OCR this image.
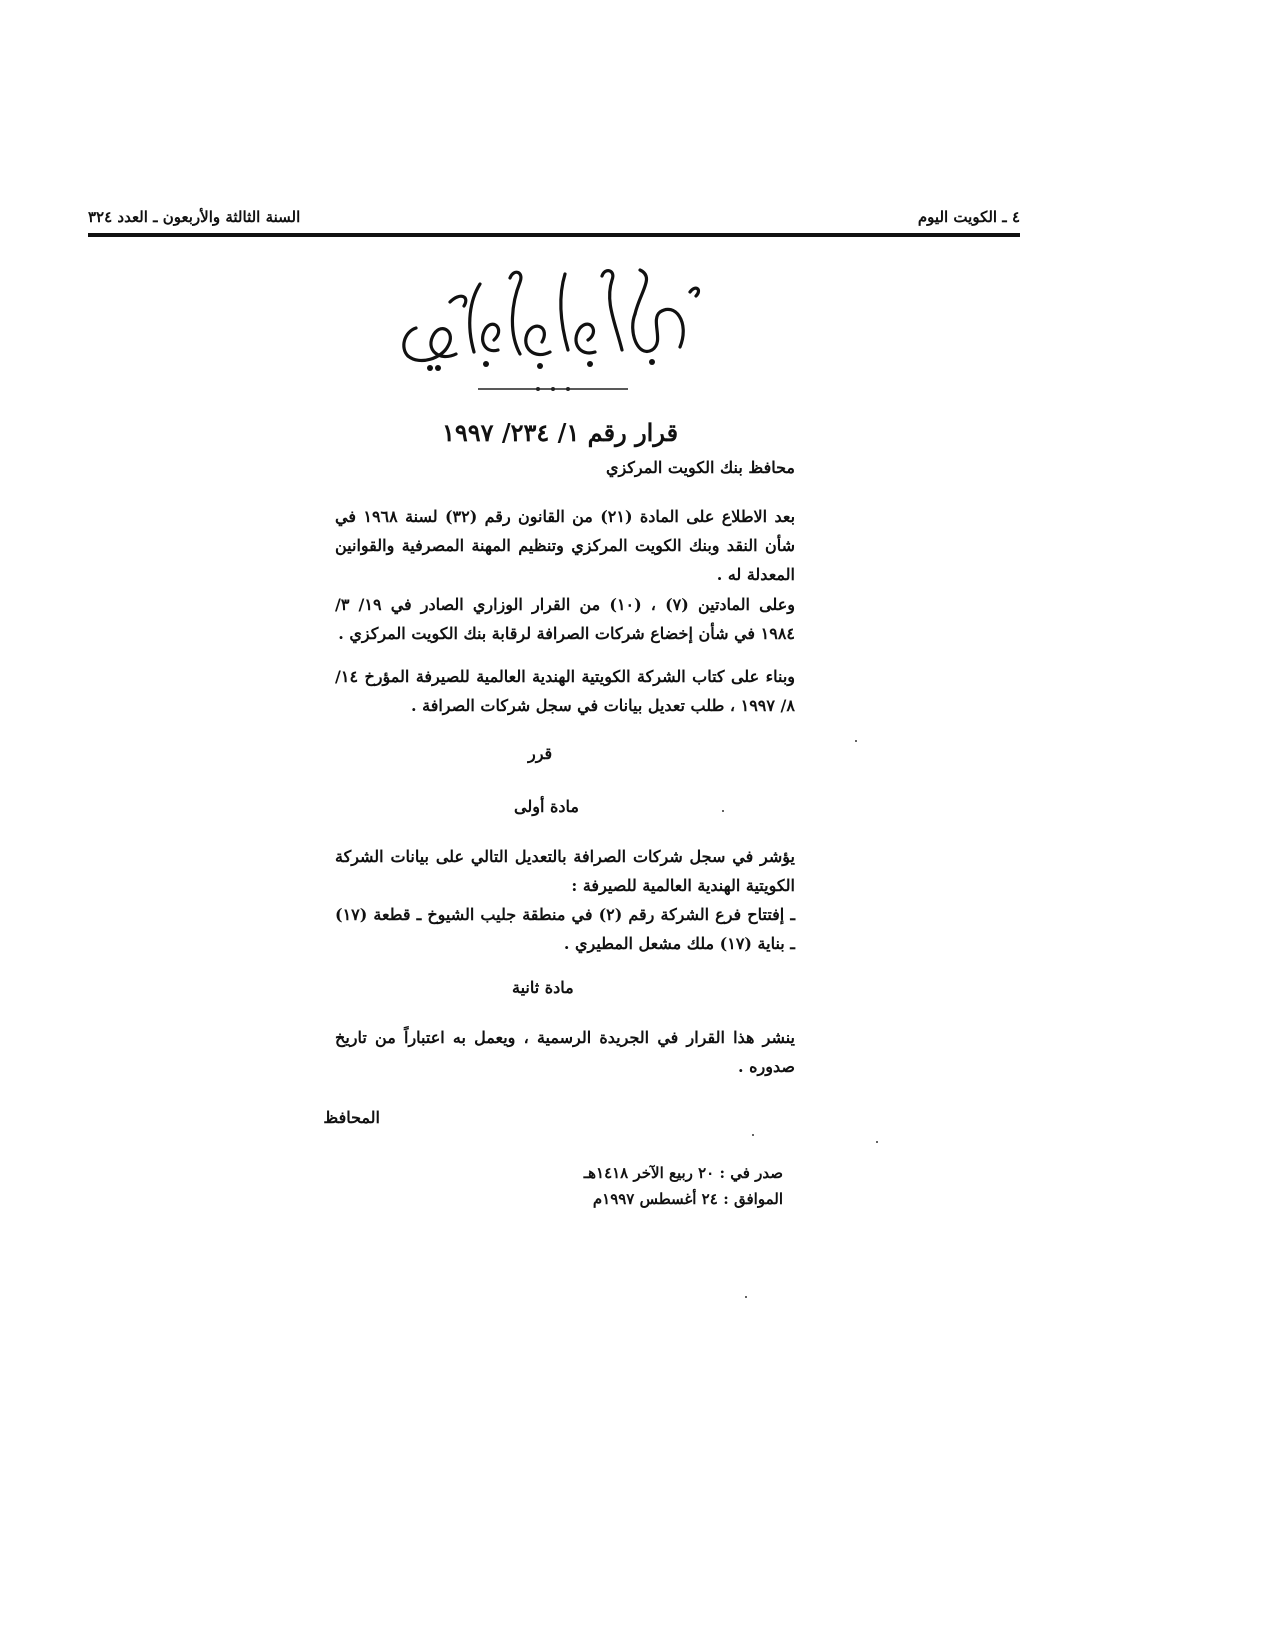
السنة الثالثة والأربعون ـ العدد ٣٢٤	٤ ـ الكويت اليوم
قرار رقم ١/ ٢٣٤/ ١٩٩٧
محافظ بنك الكويت المركزي
بعد الاطلاع على المادة (٢١) من القانون رقم (٣٢) لسنة ١٩٦٨ في شأن النقد وبنك الكويت المركزي وتنظيم المهنة المصرفية والقوانين المعدلة له .
وعلى المادتين (٧) ، (١٠) من القرار الوزاري الصادر في ١٩/ ٣/ ١٩٨٤ في شأن إخضاع شركات الصرافة لرقابة بنك الكويت المركزي .
وبناء على كتاب الشركة الكويتية الهندية العالمية للصيرفة المؤرخ ١٤/ ٨/ ١٩٩٧ ، طلب تعديل بيانات في سجل شركات الصرافة .
قرر
مادة أولى
يؤشر في سجل شركات الصرافة بالتعديل التالي على بيانات الشركة الكويتية الهندية العالمية للصيرفة :
ـ إفتتاح فرع الشركة رقم (٢) في منطقة جليب الشيوخ ـ قطعة (١٧) ـ بناية (١٧) ملك مشعل المطيري .
مادة ثانية
ينشر هذا القرار في الجريدة الرسمية ، ويعمل به اعتباراً من تاريخ صدوره .
المحافظ
صدر في : ٢٠ ربيع الآخر ١٤١٨هـ
الموافق : ٢٤ أغسطس ١٩٩٧م
